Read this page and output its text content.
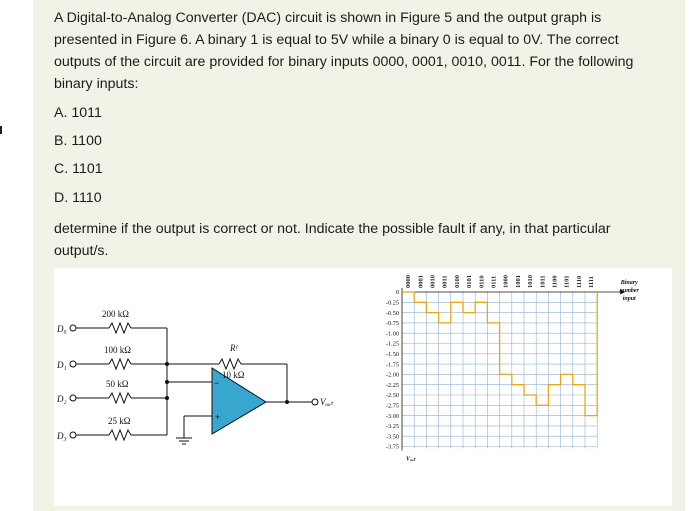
A Digital-to-Analog Converter (DAC) circuit is shown in Figure 5 and the output graph is
presented in Figure 6. A binary 1 is equal to 5V while a binary 0 is equal to 0V. The correct
outputs of the circuit are provided for binary inputs 0000, 0001, 0010, 0011. For the following
binary inputs:
A. 1011
B. 1100
C. 1101
D. 1110
determine if the output is correct or not. Indicate the possible fault if any, in that particular
output/s.
D₀
D₁
D₂
D₃
200 kΩ
100 kΩ
50 kΩ
25 kΩ
Rᶠ
10 kΩ
Vₒᵤₜ
−
+
-0.25
-0.50
-0.75
-1.00
-1.25
-1.50
-1.75
-2.00
-2.25
-2.50
-2.75
-3.00
-3.25
-3.50
-3.75
0
0000 0001 0010 0011 0100 0101 0110 0111 1000 1001 1010 1011 1100 1101 1110 1111	Binary
number
input
Vₒᵤₜ
